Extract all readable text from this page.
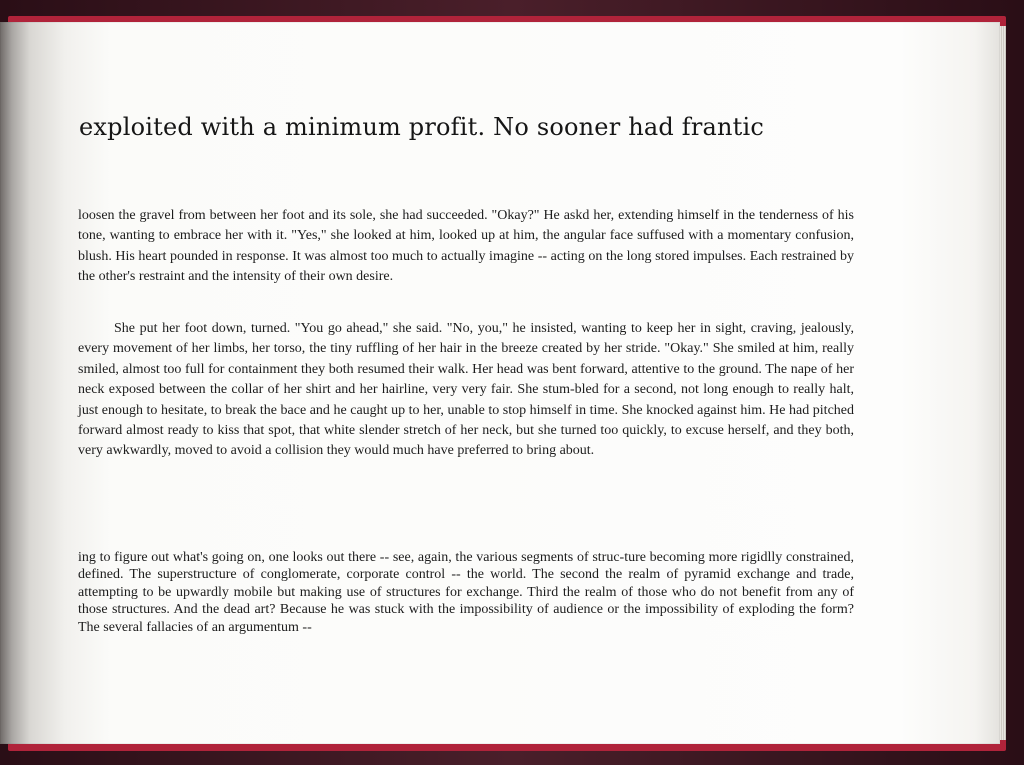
exploited with a minimum profit. No sooner had frantic

loosen the gravel from between her foot and its sole, she had succeeded. "Okay?" He askd her, extending himself in the tenderness of his tone, wanting to embrace her with it. "Yes," she looked at him, looked up at him, the angular face suffused with a momentary confusion, blush. His heart pounded in response. It was almost too much to actually imagine -- acting on the long stored impulses. Each restrained by the other's restraint and the intensity of their own desire.

She put her foot down, turned. "You go ahead," she said. "No, you," he insisted, wanting to keep her in sight, craving, jealously, every movement of her limbs, her torso, the tiny ruffling of her hair in the breeze created by her stride. "Okay." She smiled at him, really smiled, almost too full for containment they both resumed their walk. Her head was bent forward, attentive to the ground. The nape of her neck exposed between the collar of her shirt and her hairline, very very fair. She stum-bled for a second, not long enough to really halt, just enough to hesitate, to break the bace and he caught up to her, unable to stop himself in time. She knocked against him. He had pitched forward almost ready to kiss that spot, that white slender stretch of her neck, but she turned too quickly, to excuse herself, and they both, very awkwardly, moved to avoid a collision they would much have preferred to bring about.

ing to figure out what's going on, one looks out there -- see, again, the various segments of struc-ture becoming more rigidlly constrained, defined. The superstructure of conglomerate, corporate control -- the world. The second the realm of pyramid exchange and trade, attempting to be upwardly mobile but making use of structures for exchange. Third the realm of those who do not benefit from any of those structures. And the dead art? Because he was stuck with the impossibility of audience or the impossibility of exploding the form? The several fallacies of an argumentum --
